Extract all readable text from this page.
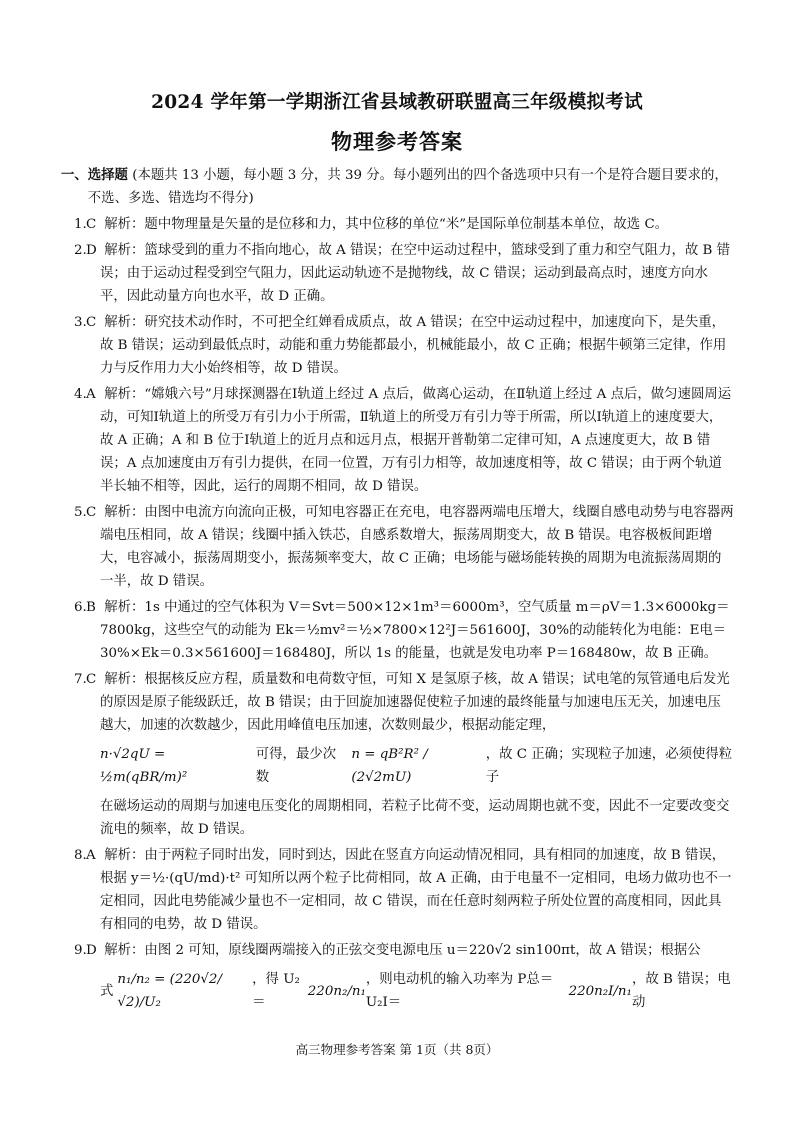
2024 学年第一学期浙江省县域教研联盟高三年级模拟考试
物理参考答案

一、选择题 (本题共 13 小题，每小题 3 分，共 39 分。每小题列出的四个备选项中只有一个是符合题目要求的，不选、多选、错选均不得分)

1.C 解析：题中物理量是矢量的是位移和力，其中位移的单位“米”是国际单位制基本单位，故选 C。

2.D 解析：篮球受到的重力不指向地心，故 A 错误；在空中运动过程中，篮球受到了重力和空气阻力，故 B 错误；由于运动过程受到空气阻力，因此运动轨迹不是抛物线，故 C 错误；运动到最高点时，速度方向水平，因此动量方向也水平，故 D 正确。

3.C 解析：研究技术动作时，不可把全红婵看成质点，故 A 错误；在空中运动过程中，加速度向下，是失重，故 B 错误；运动到最低点时，动能和重力势能都最小，机械能最小，故 C 正确；根据牛顿第三定律，作用力与反作用力大小始终相等，故 D 错误。

4.A 解析：“嫦娥六号”月球探测器在Ⅰ轨道上经过 A 点后，做离心运动，在Ⅱ轨道上经过 A 点后，做匀速圆周运动，可知Ⅰ轨道上的所受万有引力小于所需，Ⅱ轨道上的所受万有引力等于所需，所以Ⅰ轨道上的速度要大，故 A 正确；A 和 B 位于Ⅰ轨道上的近月点和远月点，根据开普勒第二定律可知，A 点速度更大，故 B 错误；A 点加速度由万有引力提供，在同一位置，万有引力相等，故加速度相等，故 C 错误；由于两个轨道半长轴不相等，因此，运行的周期不相同，故 D 错误。

5.C 解析：由图中电流方向流向正极，可知电容器正在充电，电容器两端电压增大，线圈自感电动势与电容器两端电压相同，故 A 错误；线圈中插入铁芯，自感系数增大，振荡周期变大，故 B 错误。电容极板间距增大，电容减小，振荡周期变小，振荡频率变大，故 C 正确；电场能与磁场能转换的周期为电流振荡周期的一半，故 D 错误。

6.B 解析：1s 中通过的空气体积为 V＝Svt＝500×12×1m³＝6000m³，空气质量 m＝ρV＝1.3×6000kg＝7800kg，这些空气的动能为 Ek＝½mv²＝½×7800×12²J＝561600J，30%的动能转化为电能：E电＝30%×Ek＝0.3×561600J＝168480J，所以 1s 的能量，也就是发电功率 P＝168480w，故 B 正确。

7.C 解析：根据核反应方程，质量数和电荷数守恒，可知 X 是氢原子核，故 A 错误；试电笔的氖管通电后发光的原因是原子能级跃迁，故 B 错误；由于回旋加速器促使粒子加速的最终能量与加速电压无关，加速电压越大，加速的次数越少，因此用峰值电压加速，次数则最少，根据动能定理，

n·√2qU = ½m(qBR/m)²
可得，最少次数
n = qB²R² / (2√2mU)
，故 C 正确；实现粒子加速，必须使得粒子

在磁场运动的周期与加速电压变化的周期相同，若粒子比荷不变，运动周期也就不变，因此不一定要改变交流电的频率，故 D 错误。

8.A 解析：由于两粒子同时出发，同时到达，因此在竖直方向运动情况相同，具有相同的加速度，故 B 错误，根据 y＝½·(qU/md)·t² 可知所以两个粒子比荷相同，故 A 正确，由于电量不一定相同，电场力做功也不一定相同，因此电势能减少量也不一定相同，故 C 错误，而在任意时刻两粒子所处位置的高度相同，因此具有相同的电势，故 D 错误。

9.D 解析：由图 2 可知，原线圈两端接入的正弦交变电源电压 u＝220√2 sin100πt，故 A 错误；根据公

式
n₁/n₂ = (220√2/√2)/U₂
，得 U₂＝
220n₂/n₁
，则电动机的输入功率为 P总＝U₂I＝
220n₂I/n₁
，故 B 错误；电动
高三物理参考答案 第 1页（共 8页）
